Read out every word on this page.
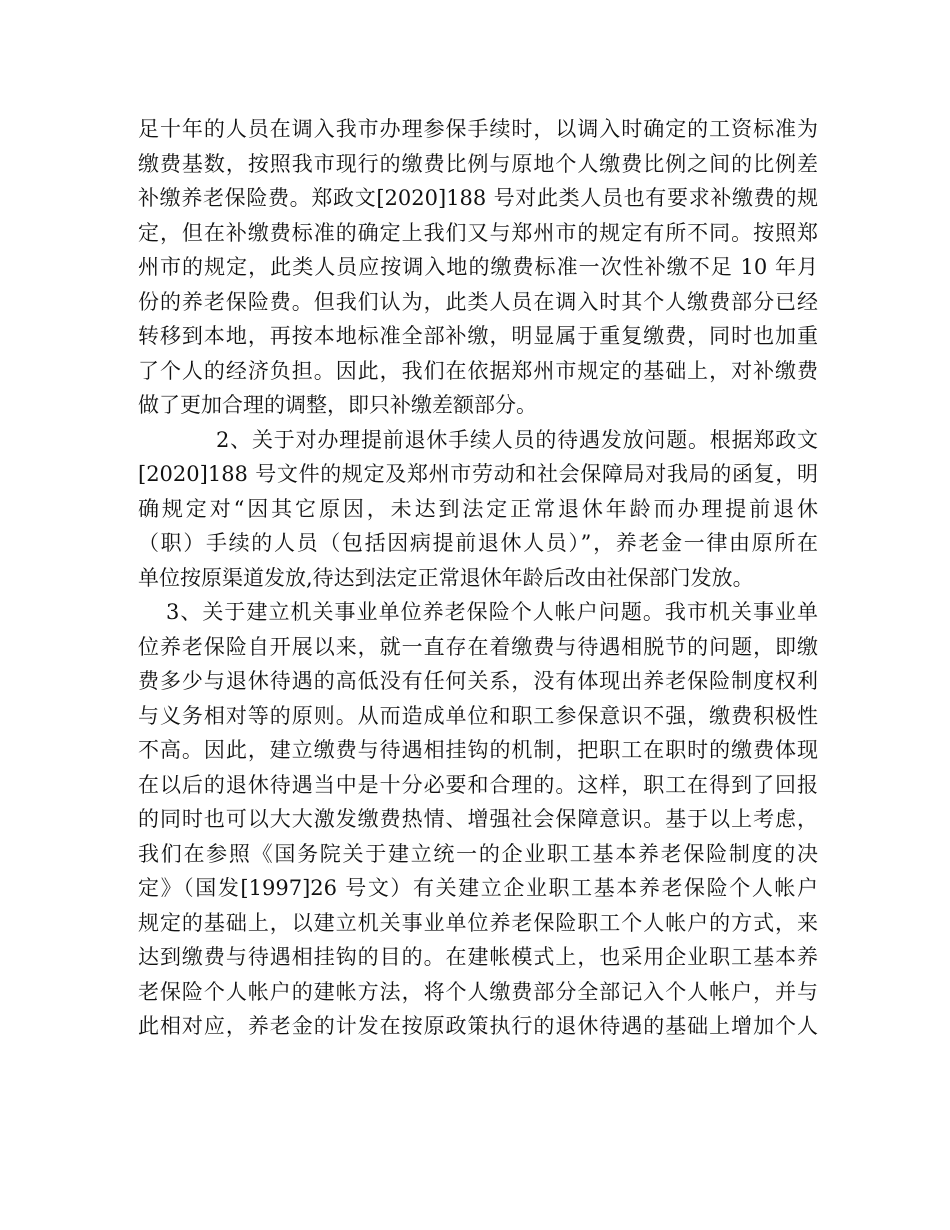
足十年的人员在调入我市办理参保手续时，以调入时确定的工资标准为
缴费基数，按照我市现行的缴费比例与原地个人缴费比例之间的比例差
补缴养老保险费。郑政文[2020]188 号对此类人员也有要求补缴费的规
定，但在补缴费标准的确定上我们又与郑州市的规定有所不同。按照郑
州市的规定，此类人员应按调入地的缴费标准一次性补缴不足 10 年月
份的养老保险费。但我们认为，此类人员在调入时其个人缴费部分已经
转移到本地，再按本地标准全部补缴，明显属于重复缴费，同时也加重
了个人的经济负担。因此，我们在依据郑州市规定的基础上，对补缴费
做了更加合理的调整，即只补缴差额部分。
2、关于对办理提前退休手续人员的待遇发放问题。根据郑政文
[2020]188 号文件的规定及郑州市劳动和社会保障局对我局的函复，明
确规定对“因其它原因，未达到法定正常退休年龄而办理提前退休
（职）手续的人员（包括因病提前退休人员）”，养老金一律由原所在
单位按原渠道发放,待达到法定正常退休年龄后改由社保部门发放。
3、关于建立机关事业单位养老保险个人帐户问题。我市机关事业单
位养老保险自开展以来，就一直存在着缴费与待遇相脱节的问题，即缴
费多少与退休待遇的高低没有任何关系，没有体现出养老保险制度权利
与义务相对等的原则。从而造成单位和职工参保意识不强，缴费积极性
不高。因此，建立缴费与待遇相挂钩的机制，把职工在职时的缴费体现
在以后的退休待遇当中是十分必要和合理的。这样，职工在得到了回报
的同时也可以大大激发缴费热情、增强社会保障意识。基于以上考虑，
我们在参照《国务院关于建立统一的企业职工基本养老保险制度的决
定》（国发[1997]26 号文）有关建立企业职工基本养老保险个人帐户
规定的基础上，以建立机关事业单位养老保险职工个人帐户的方式，来
达到缴费与待遇相挂钩的目的。在建帐模式上，也采用企业职工基本养
老保险个人帐户的建帐方法，将个人缴费部分全部记入个人帐户，并与
此相对应，养老金的计发在按原政策执行的退休待遇的基础上增加个人
